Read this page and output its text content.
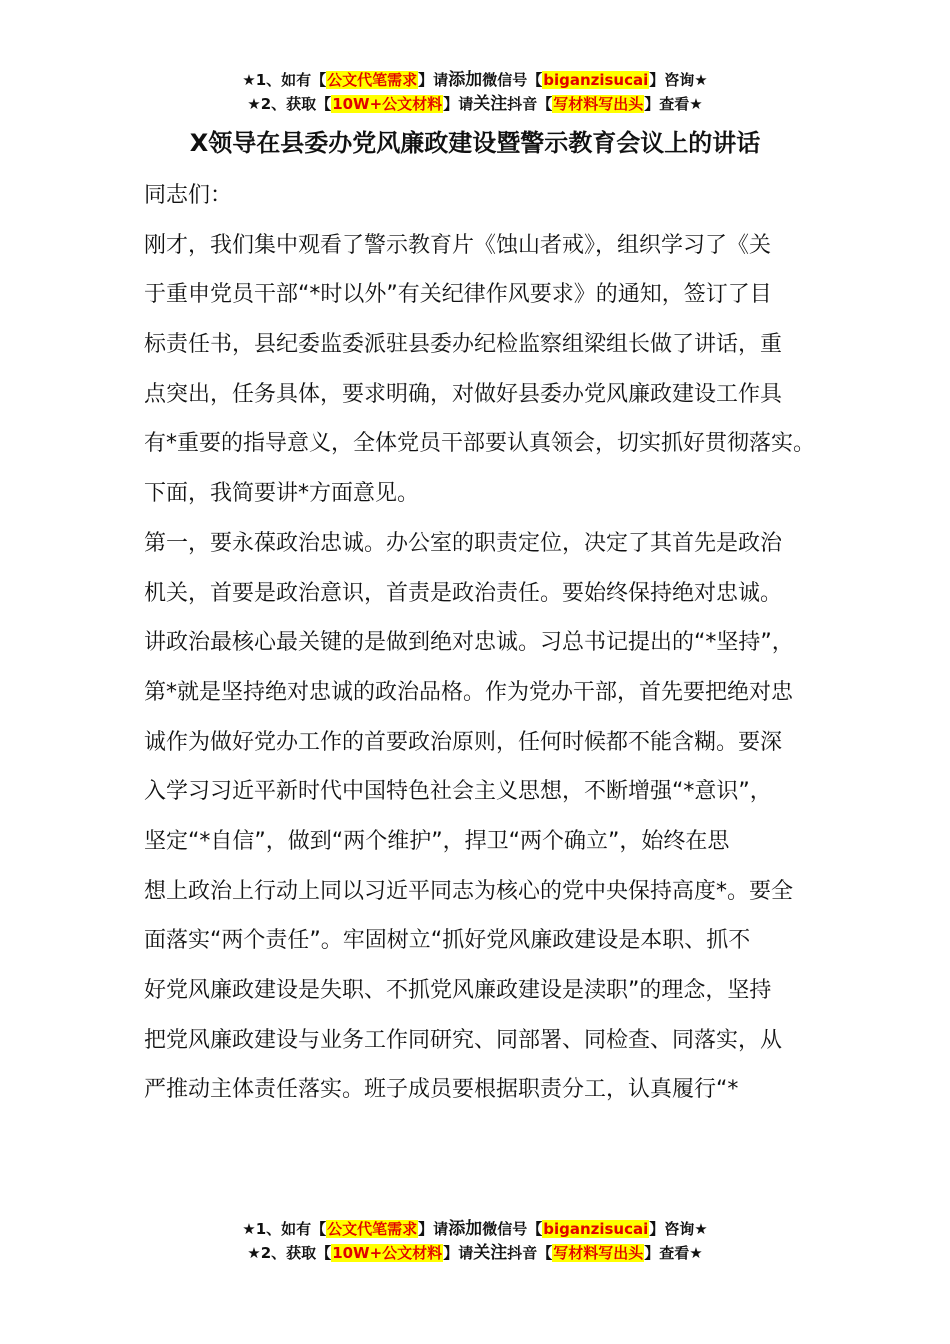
★1、如有【公文代笔需求】请添加微信号【biganzisucai】咨询★
★2、获取【10W+公文材料】请关注抖音【写材料写出头】查看★
X领导在县委办党风廉政建设暨警示教育会议上的讲话
同志们：
刚才，我们集中观看了警示教育片《蚀山者戒》，组织学习了《关
于重申党员干部“*时以外”有关纪律作风要求》的通知，签订了目
标责任书，县纪委监委派驻县委办纪检监察组梁组长做了讲话，重
点突出，任务具体，要求明确，对做好县委办党风廉政建设工作具
有*重要的指导意义，全体党员干部要认真领会，切实抓好贯彻落实。
下面，我简要讲*方面意见。
第一，要永葆政治忠诚。办公室的职责定位，决定了其首先是政治
机关，首要是政治意识，首责是政治责任。要始终保持绝对忠诚。
讲政治最核心最关键的是做到绝对忠诚。习总书记提出的“*坚持”，
第*就是坚持绝对忠诚的政治品格。作为党办干部，首先要把绝对忠
诚作为做好党办工作的首要政治原则，任何时候都不能含糊。要深
入学习习近平新时代中国特色社会主义思想，不断增强“*意识”，
坚定“*自信”，做到“两个维护”，捍卫“两个确立”，始终在思
想上政治上行动上同以习近平同志为核心的党中央保持高度*。要全
面落实“两个责任”。牢固树立“抓好党风廉政建设是本职、抓不
好党风廉政建设是失职、不抓党风廉政建设是渎职”的理念，坚持
把党风廉政建设与业务工作同研究、同部署、同检查、同落实，从
严推动主体责任落实。班子成员要根据职责分工，认真履行“*
★1、如有【公文代笔需求】请添加微信号【biganzisucai】咨询★
★2、获取【10W+公文材料】请关注抖音【写材料写出头】查看★
